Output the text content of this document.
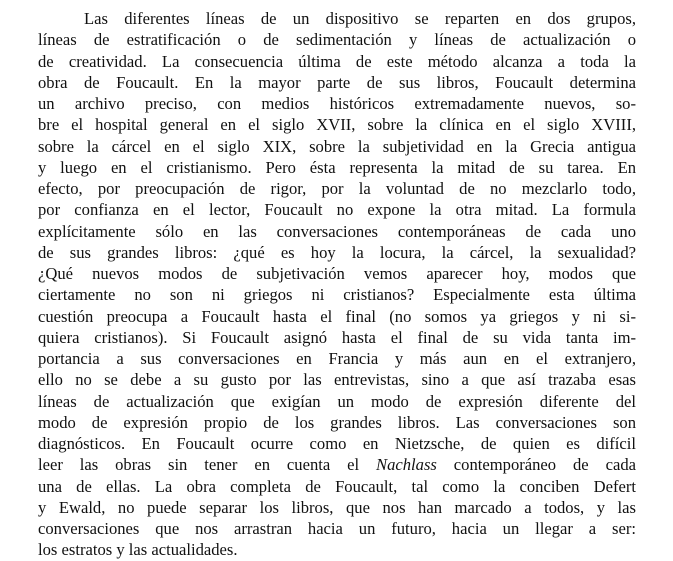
Las diferentes líneas de un dispositivo se reparten en dos grupos,
líneas de estratificación o de sedimentación y líneas de actualización o
de creatividad. La consecuencia última de este método alcanza a toda la
obra de Foucault. En la mayor parte de sus libros, Foucault determina
un archivo preciso, con medios históricos extremadamente nuevos, so-
bre el hospital general en el siglo XVII, sobre la clínica en el siglo XVIII,
sobre la cárcel en el siglo XIX, sobre la subjetividad en la Grecia antigua
y luego en el cristianismo. Pero ésta representa la mitad de su tarea. En
efecto, por preocupación de rigor, por la voluntad de no mezclarlo todo,
por confianza en el lector, Foucault no expone la otra mitad. La formula
explícitamente sólo en las conversaciones contemporáneas de cada uno
de sus grandes libros: ¿qué es hoy la locura, la cárcel, la sexualidad?
¿Qué nuevos modos de subjetivación vemos aparecer hoy, modos que
ciertamente no son ni griegos ni cristianos? Especialmente esta última
cuestión preocupa a Foucault hasta el final (no somos ya griegos y ni si-
quiera cristianos). Si Foucault asignó hasta el final de su vida tanta im-
portancia a sus conversaciones en Francia y más aun en el extranjero,
ello no se debe a su gusto por las entrevistas, sino a que así trazaba esas
líneas de actualización que exigían un modo de expresión diferente del
modo de expresión propio de los grandes libros. Las conversaciones son
diagnósticos. En Foucault ocurre como en Nietzsche, de quien es difícil
leer las obras sin tener en cuenta el Nachlass contemporáneo de cada
una de ellas. La obra completa de Foucault, tal como la conciben Defert
y Ewald, no puede separar los libros, que nos han marcado a todos, y las
conversaciones que nos arrastran hacia un futuro, hacia un llegar a ser:
los estratos y las actualidades.
